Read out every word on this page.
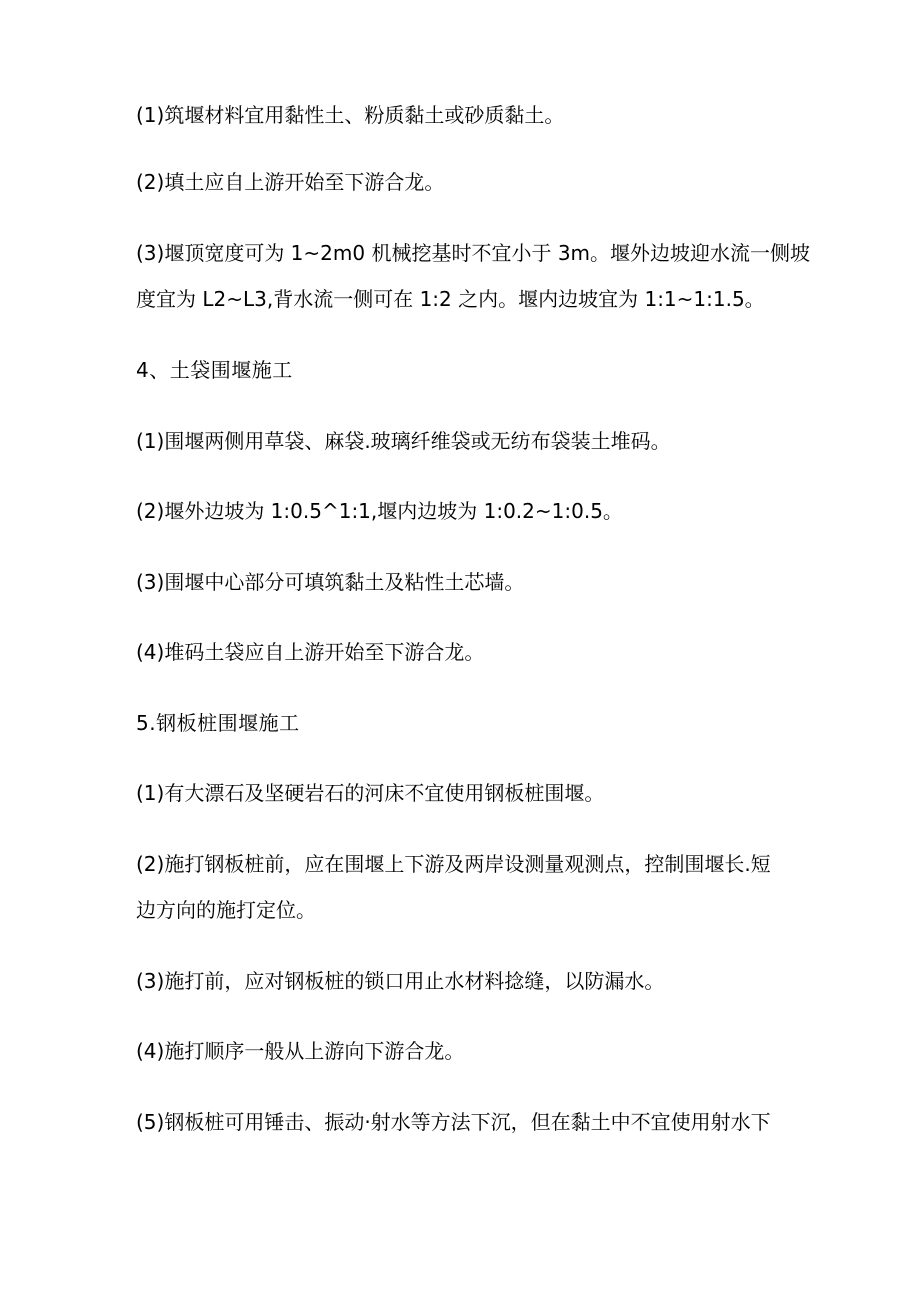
(1)筑堰材料宜用黏性土、粉质黏土或砂质黏土。

(2)填土应自上游开始至下游合龙。

(3)堰顶宽度可为 1~2m0 机械挖基时不宜小于 3m。堰外边坡迎水流一侧坡

度宜为 L2~L3,背水流一侧可在 1:2 之内。堰内边坡宜为 1:1~1:1.5。

4、土袋围堰施工

(1)围堰两侧用草袋、麻袋.玻璃纤维袋或无纺布袋装土堆码。

(2)堰外边坡为 1:0.5^1:1,堰内边坡为 1:0.2~1:0.5。

(3)围堰中心部分可填筑黏土及粘性土芯墙。

(4)堆码土袋应自上游开始至下游合龙。

5.钢板桩围堰施工

(1)有大漂石及坚硬岩石的河床不宜使用钢板桩围堰。

(2)施打钢板桩前，应在围堰上下游及两岸设测量观测点，控制围堰长.短

边方向的施打定位。

(3)施打前，应对钢板桩的锁口用止水材料捻缝，以防漏水。

(4)施打顺序一般从上游向下游合龙。

(5)钢板桩可用锤击、振动·射水等方法下沉，但在黏土中不宜使用射水下
